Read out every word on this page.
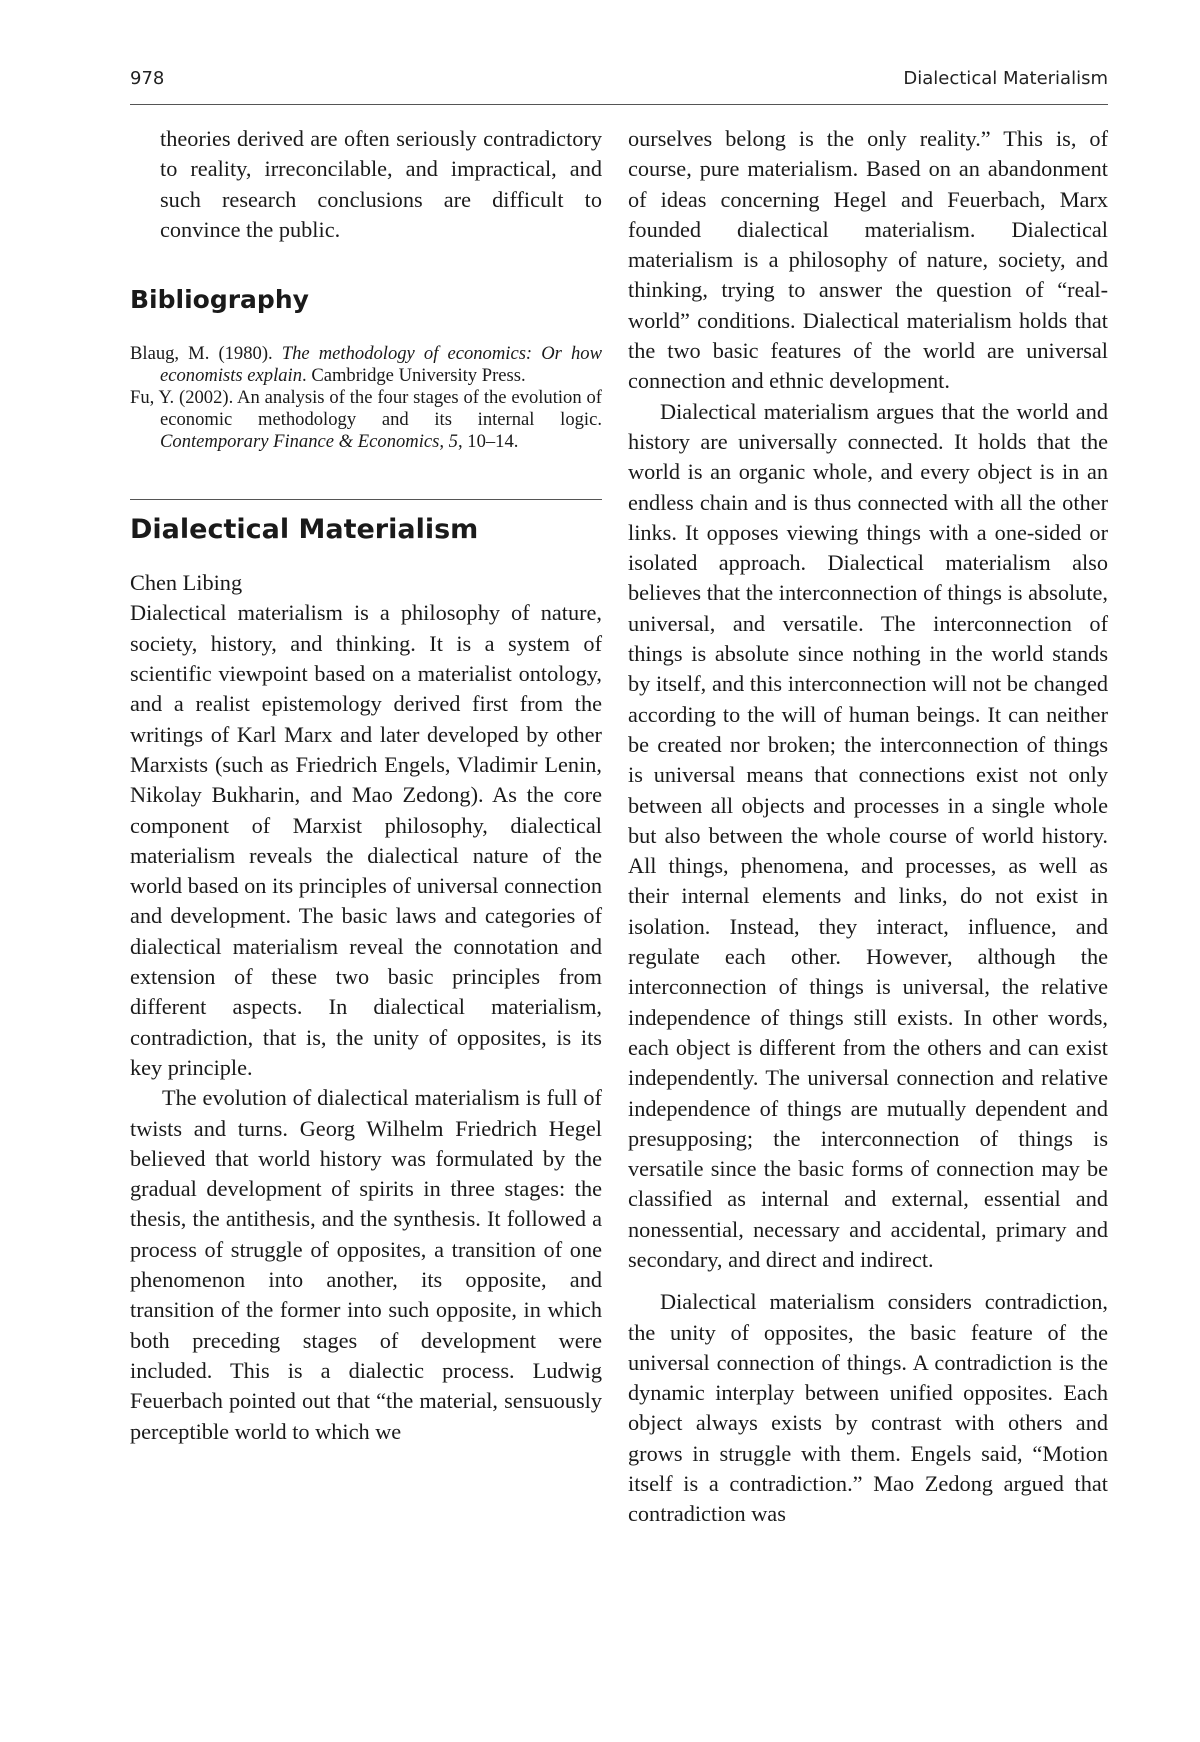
978	Dialectical Materialism

theories derived are often seriously contradictory to reality, irreconcilable, and impractical, and such research conclusions are difficult to convince the public.

Bibliography

Blaug, M. (1980). The methodology of economics: Or how economists explain. Cambridge University Press.

Fu, Y. (2002). An analysis of the four stages of the evolution of economic methodology and its internal logic. Contemporary Finance & Economics, 5, 10–14.

Dialectical Materialism

Chen Libing

Dialectical materialism is a philosophy of nature, society, history, and thinking. It is a system of scientific viewpoint based on a materialist ontology, and a realist epistemology derived first from the writings of Karl Marx and later developed by other Marxists (such as Friedrich Engels, Vladimir Lenin, Nikolay Bukharin, and Mao Zedong). As the core component of Marxist philosophy, dialectical materialism reveals the dialectical nature of the world based on its principles of universal connection and development. The basic laws and categories of dialectical materialism reveal the connotation and extension of these two basic principles from different aspects. In dialectical materialism, contradiction, that is, the unity of opposites, is its key principle.

The evolution of dialectical materialism is full of twists and turns. Georg Wilhelm Friedrich Hegel believed that world history was formulated by the gradual development of spirits in three stages: the thesis, the antithesis, and the synthesis. It followed a process of struggle of opposites, a transition of one phenomenon into another, its opposite, and transition of the former into such opposite, in which both preceding stages of development were included. This is a dialectic process. Ludwig Feuerbach pointed out that “the material, sensuously perceptible world to which we

ourselves belong is the only reality.” This is, of course, pure materialism. Based on an abandonment of ideas concerning Hegel and Feuerbach, Marx founded dialectical materialism. Dialectical materialism is a philosophy of nature, society, and thinking, trying to answer the question of “real-world” conditions. Dialectical materialism holds that the two basic features of the world are universal connection and ethnic development.

Dialectical materialism argues that the world and history are universally connected. It holds that the world is an organic whole, and every object is in an endless chain and is thus connected with all the other links. It opposes viewing things with a one-sided or isolated approach. Dialectical materialism also believes that the interconnection of things is absolute, universal, and versatile. The interconnection of things is absolute since nothing in the world stands by itself, and this interconnection will not be changed according to the will of human beings. It can neither be created nor broken; the interconnection of things is universal means that connections exist not only between all objects and processes in a single whole but also between the whole course of world history. All things, phenomena, and processes, as well as their internal elements and links, do not exist in isolation. Instead, they interact, influence, and regulate each other. However, although the interconnection of things is universal, the relative independence of things still exists. In other words, each object is different from the others and can exist independently. The universal connection and relative independence of things are mutually dependent and presupposing; the interconnection of things is versatile since the basic forms of connection may be classified as internal and external, essential and nonessential, necessary and accidental, primary and secondary, and direct and indirect.

Dialectical materialism considers contradiction, the unity of opposites, the basic feature of the universal connection of things. A contradiction is the dynamic interplay between unified opposites. Each object always exists by contrast with others and grows in struggle with them. Engels said, “Motion itself is a contradiction.” Mao Zedong argued that contradiction was
